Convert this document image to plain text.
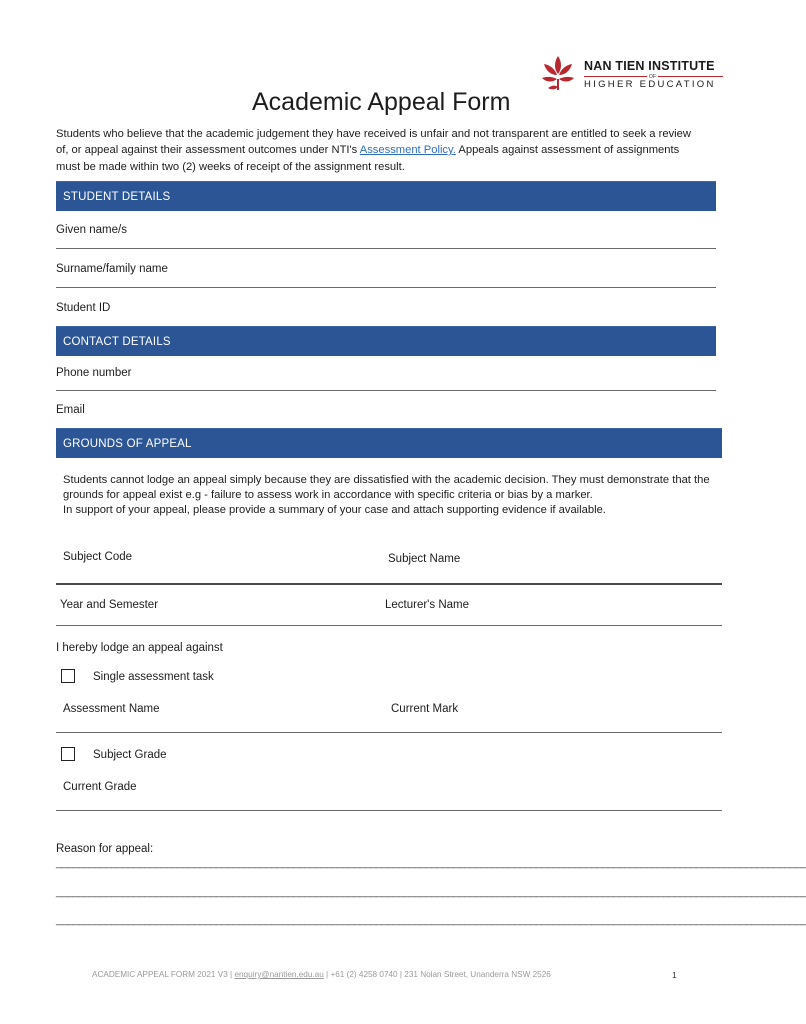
NAN TIEN INSTITUTE
OF
HIGHER EDUCATION
Academic Appeal Form
Students who believe that the academic judgement they have received is unfair and not transparent are entitled to seek a review of, or appeal against their assessment outcomes under NTI's Assessment Policy. Appeals against assessment of assignments must be made within two (2) weeks of receipt of the assignment result.
STUDENT DETAILS
Given name/s
Surname/family name
Student ID
CONTACT DETAILS
Phone number
Email
GROUNDS OF APPEAL
Students cannot lodge an appeal simply because they are dissatisfied with the academic decision. They must demonstrate that the grounds for appeal exist e.g - failure to assess work in accordance with specific criteria or bias by a marker.
In support of your appeal, please provide a summary of your case and attach supporting evidence if available.
Subject Code	Subject Name
Year and Semester	Lecturer's Name
I hereby lodge an appeal against
Single assessment task
Assessment Name	Current Mark
Subject Grade
Current Grade
Reason for appeal:
________________________________________________________________________________________________________________________________________
________________________________________________________________________________________________________________________________________
________________________________________________________________________________________________________________________________________
ACADEMIC APPEAL FORM 2021 V3 | enquiry@nantien.edu.au | +61 (2) 4258 0740 | 231 Nolan Street, Unanderra NSW 2526	1
